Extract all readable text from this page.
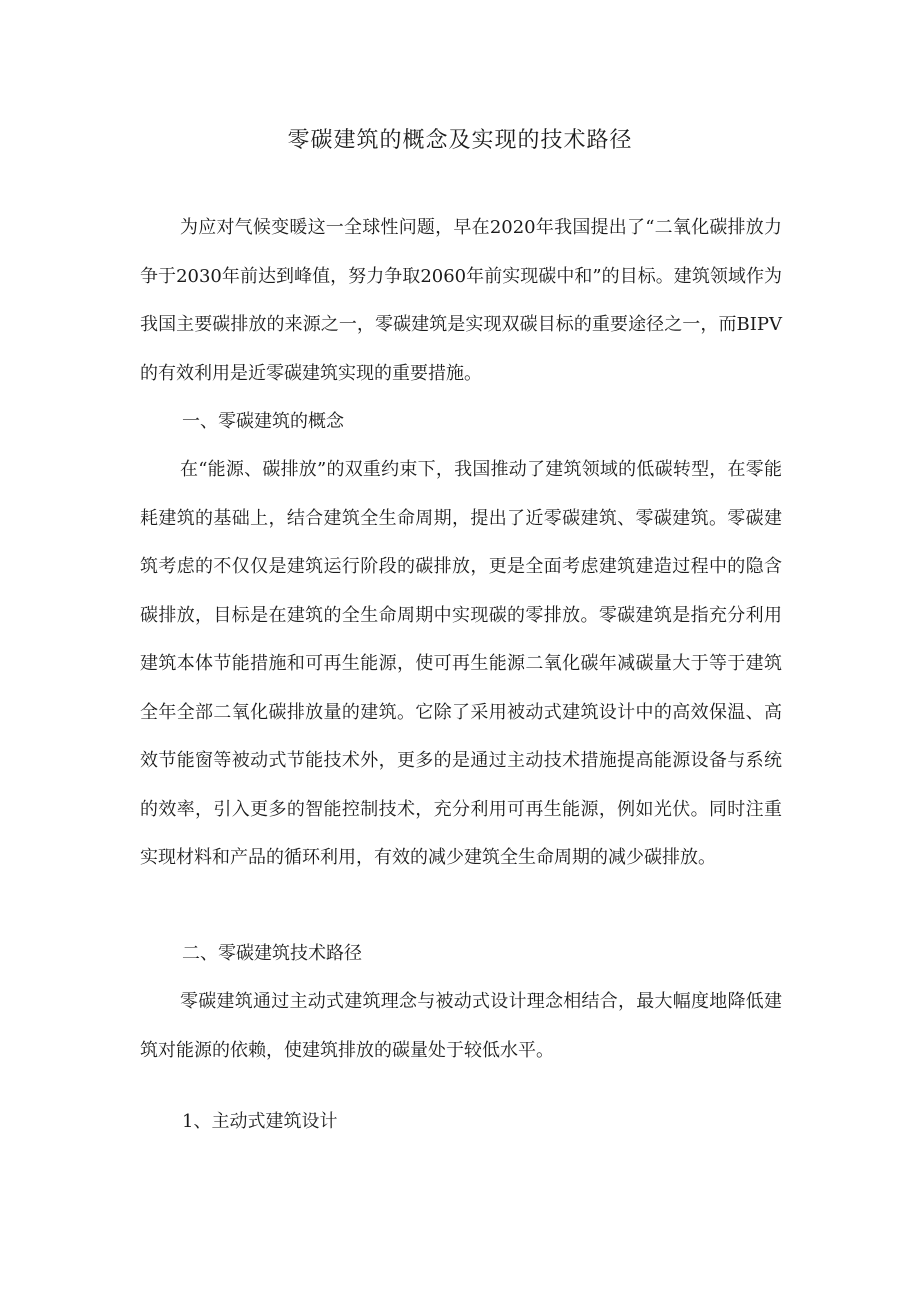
零碳建筑的概念及实现的技术路径

为应对气候变暖这一全球性问题，早在2020年我国提出了“二氧化碳排放力争于2030年前达到峰值，努力争取2060年前实现碳中和”的目标。建筑领域作为我国主要碳排放的来源之一，零碳建筑是实现双碳目标的重要途径之一，而BIPV的有效利用是近零碳建筑实现的重要措施。

一、零碳建筑的概念

在“能源、碳排放”的双重约束下，我国推动了建筑领域的低碳转型，在零能耗建筑的基础上，结合建筑全生命周期，提出了近零碳建筑、零碳建筑。零碳建筑考虑的不仅仅是建筑运行阶段的碳排放，更是全面考虑建筑建造过程中的隐含碳排放，目标是在建筑的全生命周期中实现碳的零排放。零碳建筑是指充分利用建筑本体节能措施和可再生能源，使可再生能源二氧化碳年减碳量大于等于建筑全年全部二氧化碳排放量的建筑。它除了采用被动式建筑设计中的高效保温、高效节能窗等被动式节能技术外，更多的是通过主动技术措施提高能源设备与系统的效率，引入更多的智能控制技术，充分利用可再生能源，例如光伏。同时注重实现材料和产品的循环利用，有效的减少建筑全生命周期的减少碳排放。

二、零碳建筑技术路径

零碳建筑通过主动式建筑理念与被动式设计理念相结合，最大幅度地降低建筑对能源的依赖，使建筑排放的碳量处于较低水平。

1、主动式建筑设计
